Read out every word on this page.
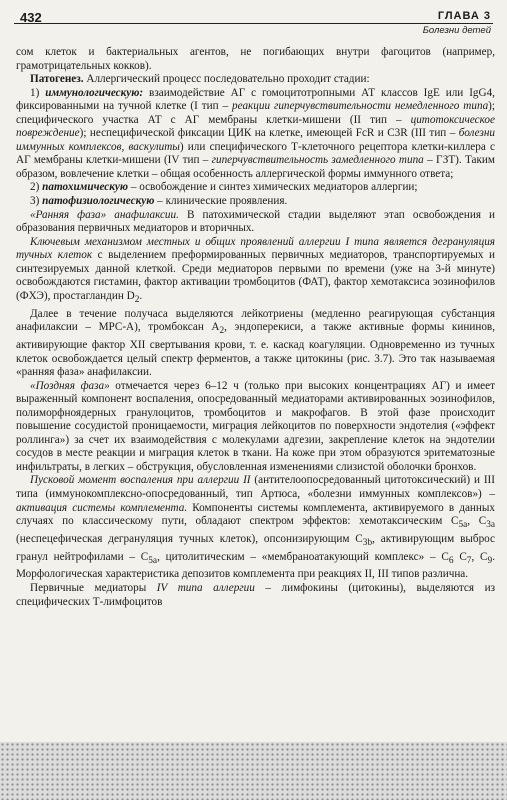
432	ГЛАВА 3
Болезни детей

сом клеток и бактериальных агентов, не погибающих внутри фагоцитов (например, грамотрицательных кокков).

Патогенез. Аллергический процесс последовательно проходит стадии:

1) иммунологическую: взаимодействие АГ с гомоцитотропными АТ классов IgE или IgG4, фиксированными на тучной клетке (I тип – реакции гиперчувствительности немедленного типа); специфического участка АТ с АГ мембраны клетки-мишени (II тип – цитотоксическое повреждение); неспецифической фиксации ЦИК на клетке, имеющей FcR и C3R (III тип – болезни иммунных комплексов, васкулиты) или специфического Т-клеточного рецептора клетки-киллера с АГ мембраны клетки-мишени (IV тип – гиперчувствительность замедленного типа – ГЗТ). Таким образом, вовлечение клетки – общая особенность аллергической формы иммунного ответа;

2) патохимическую – освобождение и синтез химических медиаторов аллергии;

3) патофизиологическую – клинические проявления.

«Ранняя фаза» анафилаксии. В патохимической стадии выделяют этап освобождения и образования первичных медиаторов и вторичных.

Ключевым механизмом местных и общих проявлений аллергии I типа является дегрануляция тучных клеток с выделением преформированных первичных медиаторов, транспортируемых и синтезируемых данной клеткой. Среди медиаторов первыми по времени (уже на 3-й минуте) освобождаются гистамин, фактор активации тромбоцитов (ФАТ), фактор хемотаксиса эозинофилов (ФХЭ), простагландин $D_2$.

Далее в течение получаса выделяются лейкотриены (медленно реагирующая субстанция анафилаксии – МРС-А), тромбоксан $А_2$, эндоперекиси, а также активные формы кининов, активирующие фактор XII свертывания крови, т. е. каскад коагуляции. Одновременно из тучных клеток освобождается целый спектр ферментов, а также цитокины (рис. 3.7). Это так называемая «ранняя фаза» анафилаксии.

«Поздняя фаза» отмечается через 6–12 ч (только при высоких концентрациях АГ) и имеет выраженный компонент воспаления, опосредованный медиаторами активированных эозинофилов, полиморфноядерных гранулоцитов, тромбоцитов и макрофагов. В этой фазе происходит повышение сосудистой проницаемости, миграция лейкоцитов по поверхности эндотелия («эффект роллинга») за счет их взаимодействия с молекулами адгезии, закрепление клеток на эндотелии сосудов в месте реакции и миграция клеток в ткани. На коже при этом образуются эритематозные инфильтраты, в легких – обструкция, обусловленная изменениями слизистой оболочки бронхов.

Пусковой момент воспаления при аллергии II (антителоопосредованный цитотоксический) и III типа (иммунокомплексно-опосредованный, тип Артюса, «болезни иммунных комплексов») – активация системы комплемента. Компоненты системы комплемента, активируемого в данных случаях по классическому пути, обладают спектром эффектов: хемотаксическим $C_{5а}$, $C_{3а}$ (неспецефическая дегрануляция тучных клеток), опсонизирующим $C_{3b}$, активирующим выброс гранул нейтрофилами – $C_{5а}$, цитолитическим – «мембраноатакующий комплекс» – $C_6$ $C_7$, $C_9$. Морфологическая характеристика депозитов комплемента при реакциях II, III типов различна.

Первичные медиаторы IV типа аллергии – лимфокины (цитокины), выделяются из специфических Т-лимфоцитов
